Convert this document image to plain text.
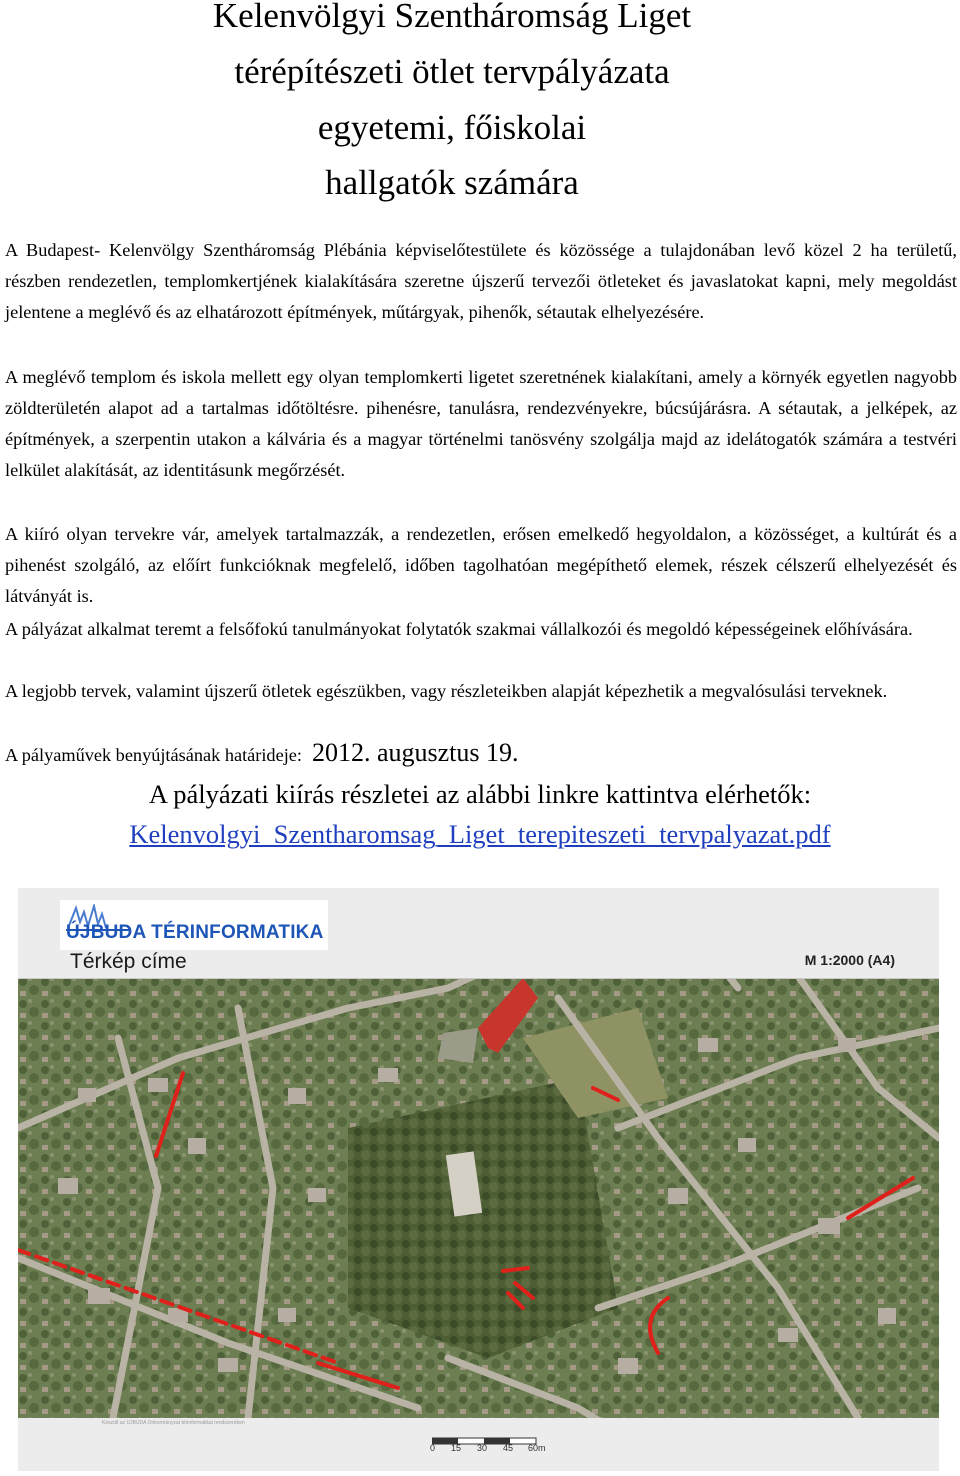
Kelenvölgyi Szentháromság Liget
térépítészeti ötlet tervpályázata
egyetemi, főiskolai
hallgatók számára

A Budapest- Kelenvölgy Szentháromság Plébánia képviselőtestülete és közössége a tulajdonában levő közel 2 ha területű, részben rendezetlen, templomkertjének kialakítására szeretne újszerű tervezői ötleteket és javaslatokat kapni, mely megoldást jelentene a meglévő és az elhatározott építmények, műtárgyak, pihenők, sétautak elhelyezésére.

A meglévő templom és iskola mellett egy olyan templomkerti ligetet szeretnének kialakítani, amely a környék egyetlen nagyobb zöldterületén alapot ad a tartalmas időtöltésre. pihenésre, tanulásra, rendezvényekre, búcsújárásra. A sétautak, a jelképek, az építmények, a szerpentin utakon a kálvária és a magyar történelmi tanösvény szolgálja majd az idelátogatók számára a testvéri lelkület alakítását, az identitásunk megőrzését.

A kiíró olyan tervekre vár, amelyek tartalmazzák, a rendezetlen, erősen emelkedő hegyoldalon, a közösséget, a kultúrát és a pihenést szolgáló, az előírt funkcióknak megfelelő, időben tagolhatóan megépíthető elemek, részek célszerű elhelyezését és látványát is.

A pályázat alkalmat teremt a felsőfokú tanulmányokat folytatók szakmai vállalkozói és megoldó képességeinek előhívására.

A legjobb tervek, valamint újszerű ötletek egészükben, vagy részleteikben alapját képezhetik a megvalósulási terveknek.

A pályaművek benyújtásának határideje: 2012. augusztus 19.
A pályázati kiírás részletei az alábbi linkre kattintva elérhetők:
Kelenvolgyi_Szentharomsag_Liget_terepiteszeti_tervpalyazat.pdf
ÚJBUDA TÉRINFORMATIKA
Térkép címe	M 1:2000 (A4)
Készült az ÚJBUDA Önkormányzat térinformatikai rendszerében
0 15 30 45 60m
